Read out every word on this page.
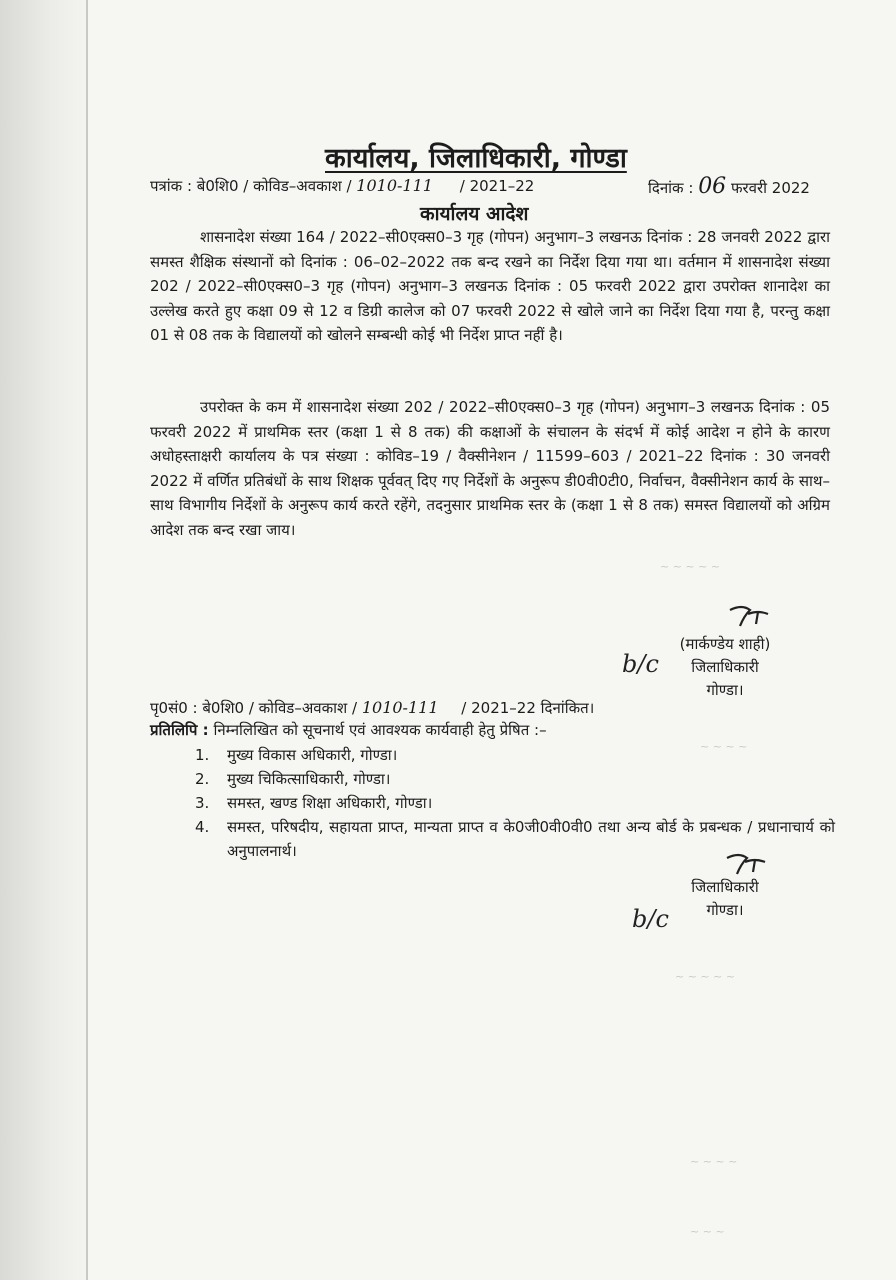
कार्यालय, जिलाधिकारी, गोण्डा
पत्रांक : बे0शि0 / कोविड–अवकाश / 1010-111 / 2021–22	दिनांक : 06 फरवरी 2022
कार्यालय आदेश
शासनादेश संख्या 164 / 2022–सी0एक्स0–3 गृह (गोपन) अनुभाग–3 लखनऊ दिनांक : 28 जनवरी 2022 द्वारा समस्त शैक्षिक संस्थानों को दिनांक : 06–02–2022 तक बन्द रखने का निर्देश दिया गया था। वर्तमान में शासनादेश संख्या 202 / 2022–सी0एक्स0–3 गृह (गोपन) अनुभाग–3 लखनऊ दिनांक : 05 फरवरी 2022 द्वारा उपरोक्त शानादेश का उल्लेख करते हुए कक्षा 09 से 12 व डिग्री कालेज को 07 फरवरी 2022 से खोले जाने का निर्देश दिया गया है, परन्तु कक्षा 01 से 08 तक के विद्यालयों को खोलने सम्बन्धी कोई भी निर्देश प्राप्त नहीं है।
उपरोक्त के कम में शासनादेश संख्या 202 / 2022–सी0एक्स0–3 गृह (गोपन) अनुभाग–3 लखनऊ दिनांक : 05 फरवरी 2022 में प्राथमिक स्तर (कक्षा 1 से 8 तक) की कक्षाओं के संचालन के संदर्भ में कोई आदेश न होने के कारण अधोहस्ताक्षरी कार्यालय के पत्र संख्या : कोविड–19 / वैक्सीनेशन / 11599–603 / 2021–22 दिनांक : 30 जनवरी 2022 में वर्णित प्रतिबंधों के साथ शिक्षक पूर्ववत् दिए गए निर्देशों के अनुरूप डी0वी0टी0, निर्वाचन, वैक्सीनेशन कार्य के साथ–साथ विभागीय निर्देशों के अनुरूप कार्य करते रहेंगे, तदनुसार प्राथमिक स्तर के (कक्षा 1 से 8 तक) समस्त विद्यालयों को अग्रिम आदेश तक बन्द रखा जाय।
(मार्कण्डेय शाही)
जिलाधिकारी
गोण्डा।
b/c
पृ0सं0 : बे0शि0 / कोविड–अवकाश / 1010-111 / 2021–22 दिनांकित।
प्रतिलिपि : निम्नलिखित को सूचनार्थ एवं आवश्यक कार्यवाही हेतु प्रेषित :–
1.	मुख्य विकास अधिकारी, गोण्डा।
2.	मुख्य चिकित्साधिकारी, गोण्डा।
3.	समस्त, खण्ड शिक्षा अधिकारी, गोण्डा।
4.	समस्त, परिषदीय, सहायता प्राप्त, मान्यता प्राप्त व के0जी0वी0वी0 तथा अन्य बोर्ड के प्रबन्धक / प्रधानाचार्य को अनुपालनार्थ।
जिलाधिकारी
गोण्डा।
b/c
~ ~ ~ ~ ~
~ ~ ~ ~
~ ~ ~ ~ ~
~ ~ ~ ~
~ ~ ~
